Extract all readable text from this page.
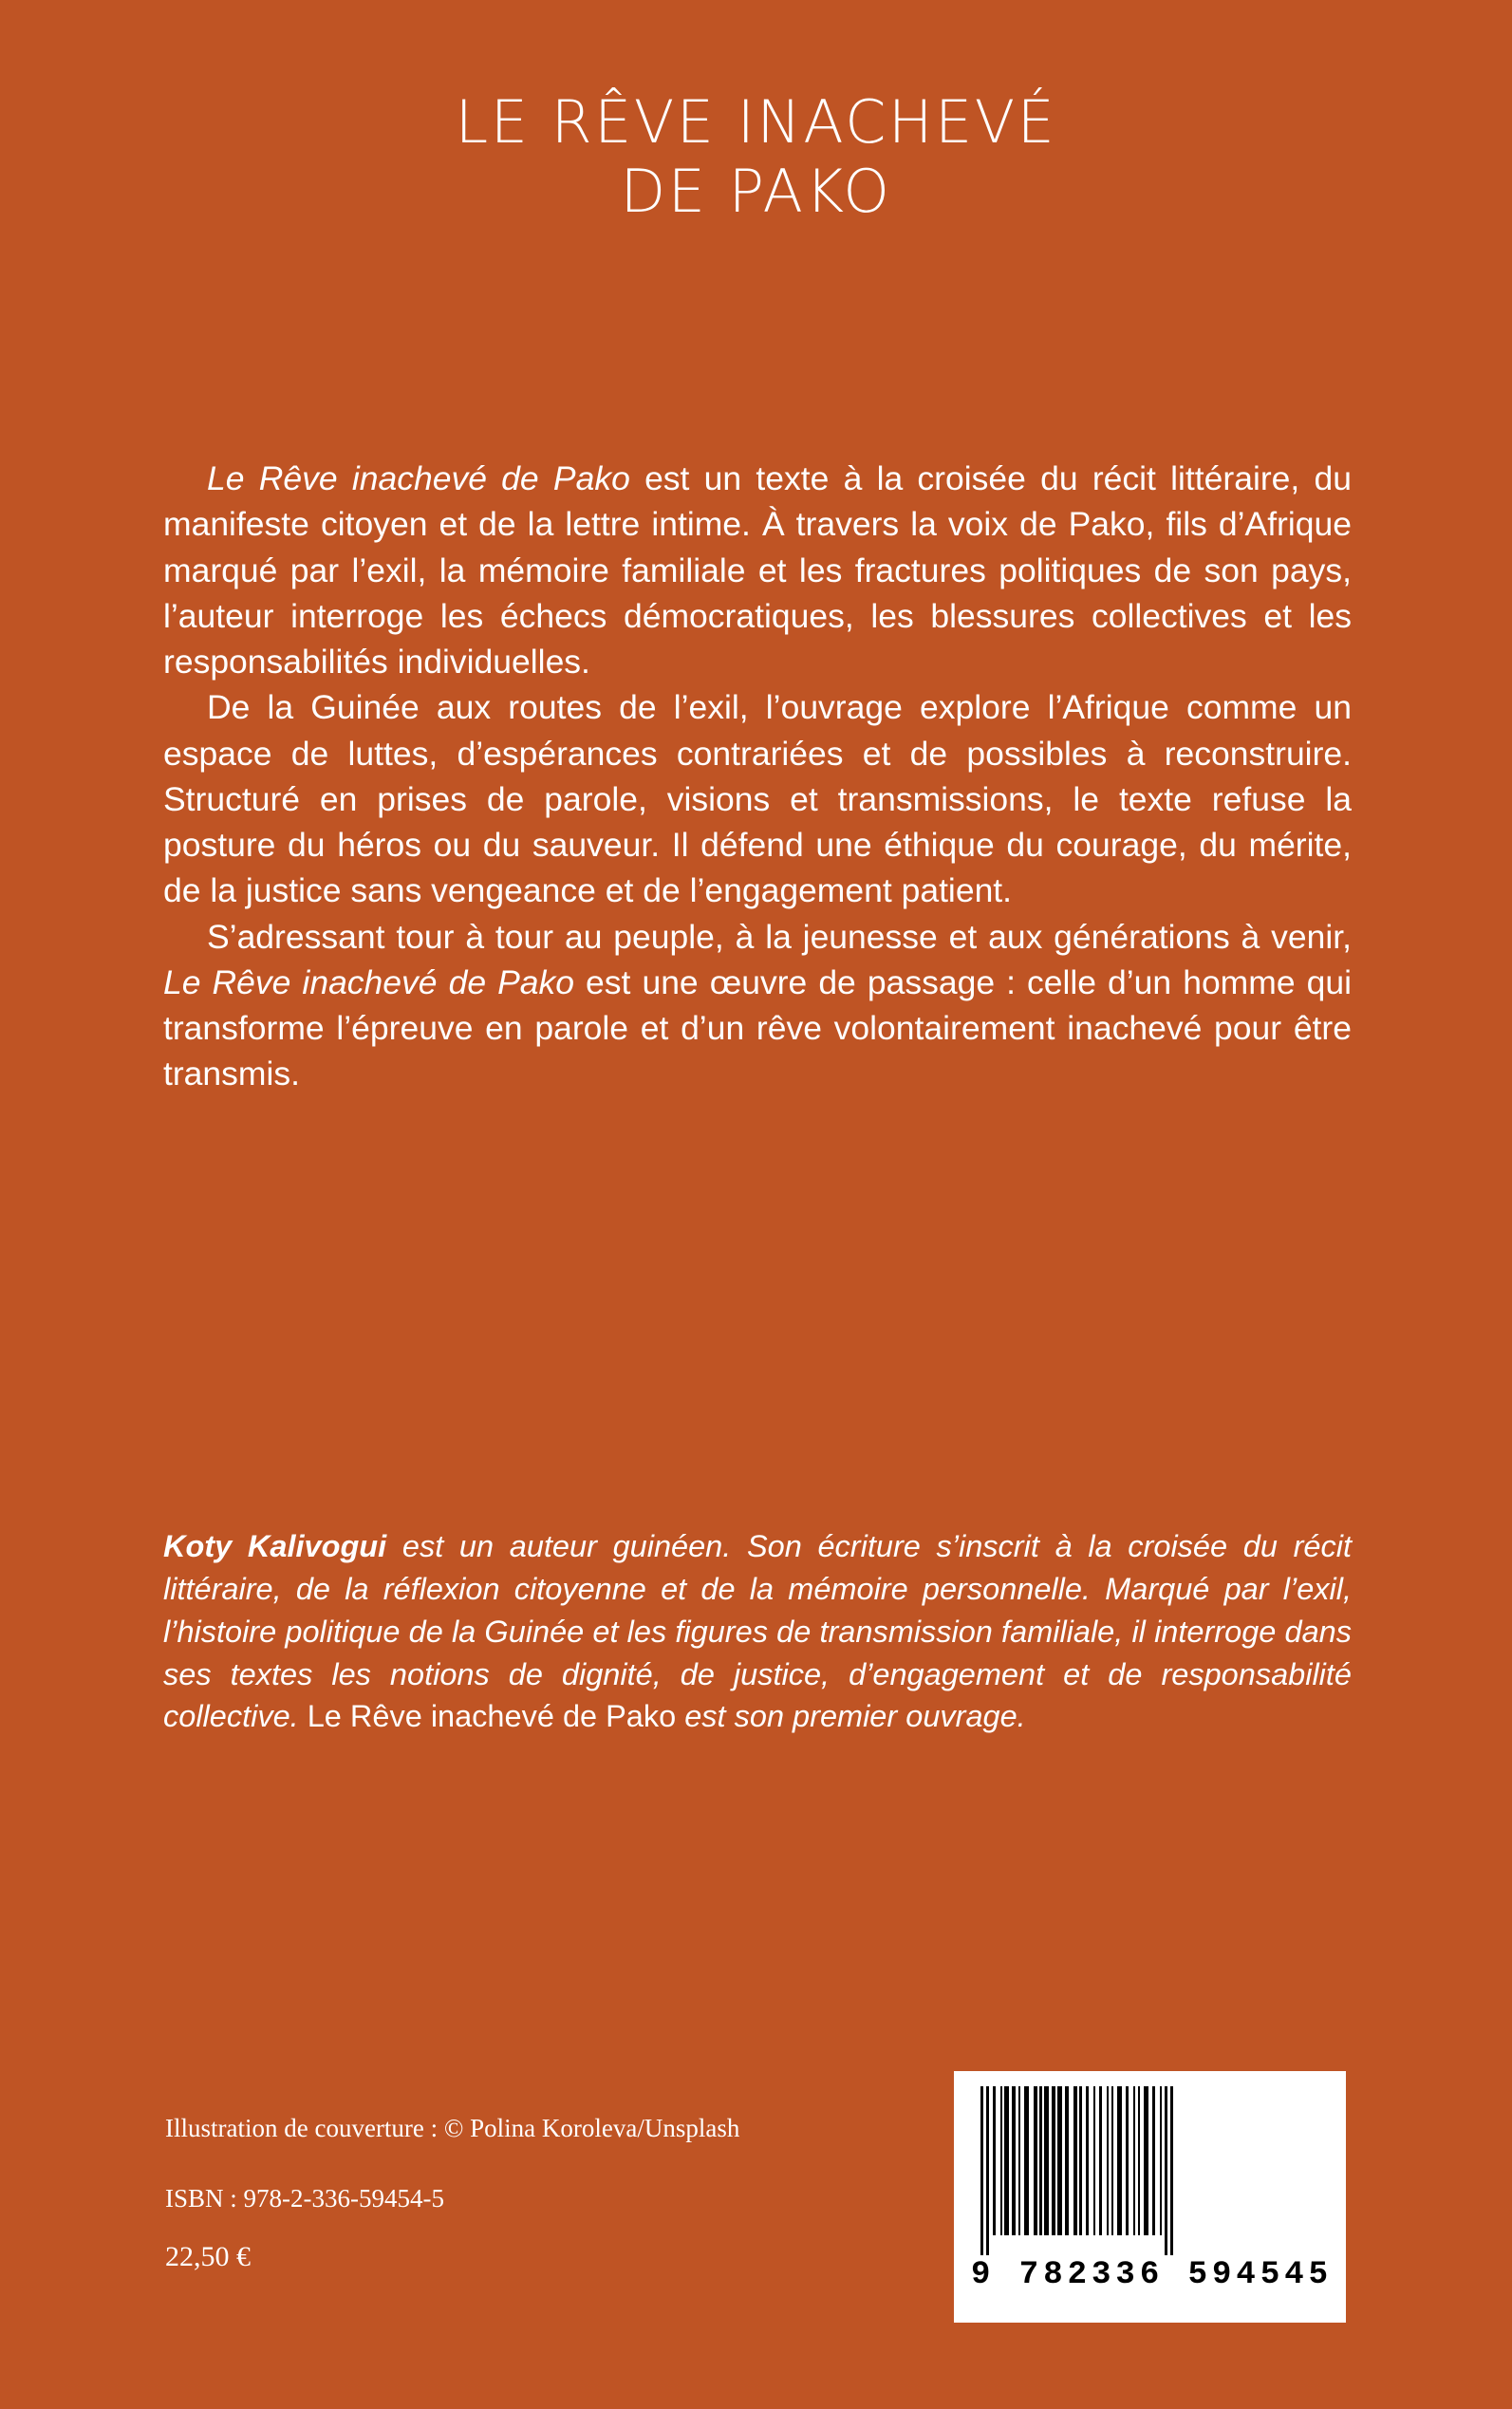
LE RÊVE INACHEVÉ
DE PAKO

Le Rêve inachevé de Pako est un texte à la croisée du récit littéraire, du manifeste citoyen et de la lettre intime. À travers la voix de Pako, fils d’Afrique marqué par l’exil, la mémoire familiale et les fractures politiques de son pays, l’auteur interroge les échecs démocratiques, les blessures collectives et les responsabilités individuelles.

De la Guinée aux routes de l’exil, l’ouvrage explore l’Afrique comme un espace de luttes, d’espérances contrariées et de possibles à reconstruire. Structuré en prises de parole, visions et transmissions, le texte refuse la posture du héros ou du sauveur. Il défend une éthique du courage, du mérite, de la justice sans vengeance et de l’engagement patient.

S’adressant tour à tour au peuple, à la jeunesse et aux générations à venir, Le Rêve inachevé de Pako est une œuvre de passage : celle d’un homme qui transforme l’épreuve en parole et d’un rêve volontairement inachevé pour être transmis.

Koty Kalivogui est un auteur guinéen. Son écriture s’inscrit à la croisée du récit littéraire, de la réflexion citoyenne et de la mémoire personnelle. Marqué par l’exil, l’histoire politique de la Guinée et les figures de transmission familiale, il interroge dans ses textes les notions de dignité, de justice, d’engagement et de responsabilité collective. Le Rêve inachevé de Pako est son premier ouvrage.

Illustration de couverture : © Polina Koroleva/Unsplash

ISBN : 978-2-336-59454-5

22,50 €

9 782336 594545
